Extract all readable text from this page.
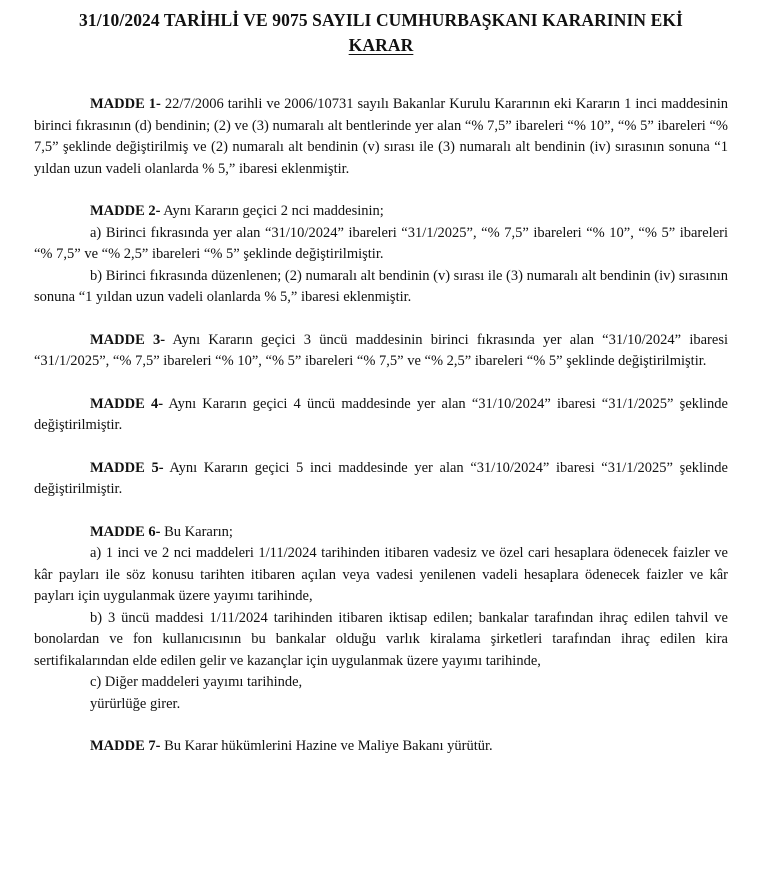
31/10/2024 TARİHLİ VE 9075 SAYILI CUMHURBAŞKANI KARARININ EKİ

KARAR

MADDE 1- 22/7/2006 tarihli ve 2006/10731 sayılı Bakanlar Kurulu Kararının eki Kararın 1 inci maddesinin birinci fıkrasının (d) bendinin; (2) ve (3) numaralı alt bentlerinde yer alan “% 7,5” ibareleri “% 10”, “% 5” ibareleri “% 7,5” şeklinde değiştirilmiş ve (2) numaralı alt bendinin (v) sırası ile (3) numaralı alt bendinin (iv) sırasının sonuna “1 yıldan uzun vadeli olanlarda % 5,” ibaresi eklenmiştir.

MADDE 2- Aynı Kararın geçici 2 nci maddesinin;

a) Birinci fıkrasında yer alan “31/10/2024” ibareleri “31/1/2025”, “% 7,5” ibareleri “% 10”, “% 5” ibareleri “% 7,5” ve “% 2,5” ibareleri “% 5” şeklinde değiştirilmiştir.

b) Birinci fıkrasında düzenlenen; (2) numaralı alt bendinin (v) sırası ile (3) numaralı alt bendinin (iv) sırasının sonuna “1 yıldan uzun vadeli olanlarda % 5,” ibaresi eklenmiştir.

MADDE 3- Aynı Kararın geçici 3 üncü maddesinin birinci fıkrasında yer alan “31/10/2024” ibaresi “31/1/2025”, “% 7,5” ibareleri “% 10”, “% 5” ibareleri “% 7,5” ve “% 2,5” ibareleri “% 5” şeklinde değiştirilmiştir.

MADDE 4- Aynı Kararın geçici 4 üncü maddesinde yer alan “31/10/2024” ibaresi “31/1/2025” şeklinde değiştirilmiştir.

MADDE 5- Aynı Kararın geçici 5 inci maddesinde yer alan “31/10/2024” ibaresi “31/1/2025” şeklinde değiştirilmiştir.

MADDE 6- Bu Kararın;

a) 1 inci ve 2 nci maddeleri 1/11/2024 tarihinden itibaren vadesiz ve özel cari hesaplara ödenecek faizler ve kâr payları ile söz konusu tarihten itibaren açılan veya vadesi yenilenen vadeli hesaplara ödenecek faizler ve kâr payları için uygulanmak üzere yayımı tarihinde,

b) 3 üncü maddesi 1/11/2024 tarihinden itibaren iktisap edilen; bankalar tarafından ihraç edilen tahvil ve bonolardan ve fon kullanıcısının bu bankalar olduğu varlık kiralama şirketleri tarafından ihraç edilen kira sertifikalarından elde edilen gelir ve kazançlar için uygulanmak üzere yayımı tarihinde,

c) Diğer maddeleri yayımı tarihinde,

yürürlüğe girer.

MADDE 7- Bu Karar hükümlerini Hazine ve Maliye Bakanı yürütür.
